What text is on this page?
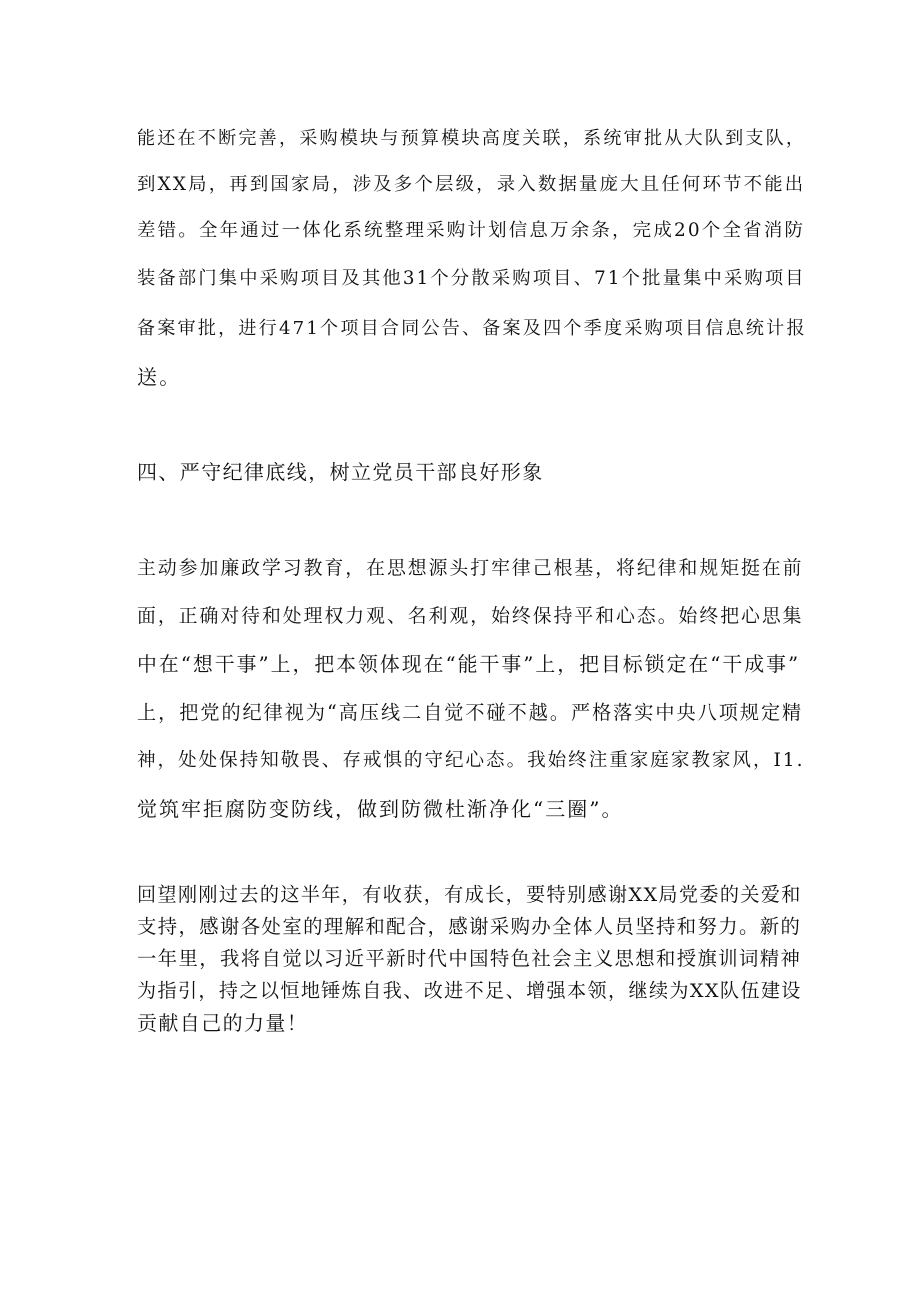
能还在不断完善，采购模块与预算模块高度关联，系统审批从大队到支队，
到XX局，再到国家局，涉及多个层级，录入数据量庞大且任何环节不能出
差错。全年通过一体化系统整理采购计划信息万余条，完成20个全省消防
装备部门集中采购项目及其他31个分散采购项目、71个批量集中采购项目
备案审批，进行471个项目合同公告、备案及四个季度采购项目信息统计报
送。
四、严守纪律底线，树立党员干部良好形象
主动参加廉政学习教育，在思想源头打牢律己根基，将纪律和规矩挺在前
面，正确对待和处理权力观、名利观，始终保持平和心态。始终把心思集
中在“想干事”上，把本领体现在“能干事”上，把目标锁定在“干成事”
上，把党的纪律视为“高压线二自觉不碰不越。严格落实中央八项规定精
神，处处保持知敬畏、存戒惧的守纪心态。我始终注重家庭家教家风，I1.
觉筑牢拒腐防变防线，做到防微杜渐净化“三圈”。
回望刚刚过去的这半年，有收获，有成长，要特别感谢XX局党委的关爱和
支持，感谢各处室的理解和配合，感谢采购办全体人员坚持和努力。新的
一年里，我将自觉以习近平新时代中国特色社会主义思想和授旗训词精神
为指引，持之以恒地锤炼自我、改进不足、增强本领，继续为XX队伍建设
贡献自己的力量！
